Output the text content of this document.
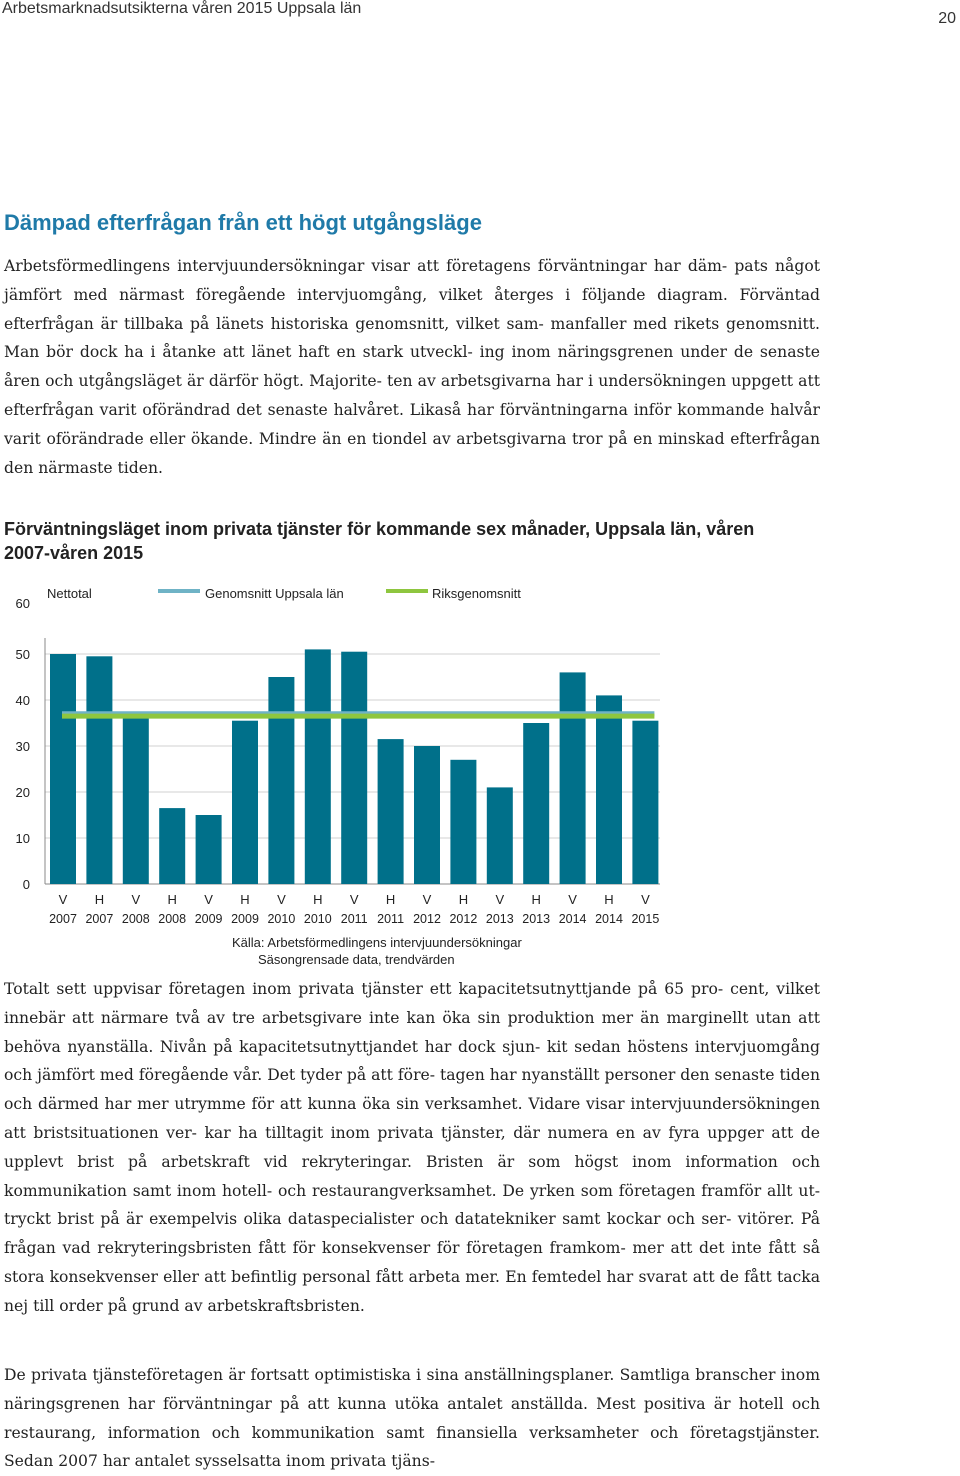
Arbetsmarknadsutsikterna våren 2015 Uppsala län
20
Dämpad efterfrågan från ett högt utgångsläge

Arbetsförmedlingens intervjuundersökningar visar att företagens förväntningar har däm- pats något jämfört med närmast föregående intervjuomgång, vilket återges i följande diagram. Förväntad efterfrågan är tillbaka på länets historiska genomsnitt, vilket sam- manfaller med rikets genomsnitt. Man bör dock ha i åtanke att länet haft en stark utveckl- ing inom näringsgrenen under de senaste åren och utgångsläget är därför högt. Majorite- ten av arbetsgivarna har i undersökningen uppgett att efterfrågan varit oförändrad det senaste halvåret. Likaså har förväntningarna inför kommande halvår varit oförändrade eller ökande. Mindre än en tiondel av arbetsgivarna tror på en minskad efterfrågan den närmaste tiden.

Förväntningsläget inom privata tjänster för kommande sex månader, Uppsala län, våren 2007-våren 2015
0
10
20
30
40
50
60
V
2007
H
2007
V
2008
H
2008
V
2009
H
2009
V
2010
H
2010
V
2011
H
2011
V
2012
H
2012
V
2013
H
2013
V
2014
H
2014
V
2015
Nettotal	Genomsnitt Uppsala län	Riksgenomsnitt
Källa: Arbetsförmedlingens intervjuundersökningar
Säsongrensade data, trendvärden

Totalt sett uppvisar företagen inom privata tjänster ett kapacitetsutnyttjande på 65 pro- cent, vilket innebär att närmare två av tre arbetsgivare inte kan öka sin produktion mer än marginellt utan att behöva nyanställa. Nivån på kapacitetsutnyttjandet har dock sjun- kit sedan höstens intervjuomgång och jämfört med föregående vår. Det tyder på att före- tagen har nyanställt personer den senaste tiden och därmed har mer utrymme för att kunna öka sin verksamhet. Vidare visar intervjuundersökningen att bristsituationen ver- kar ha tilltagit inom privata tjänster, där numera en av fyra uppger att de upplevt brist på arbetskraft vid rekryteringar. Bristen är som högst inom information och kommunikation samt inom hotell- och restaurangverksamhet. De yrken som företagen framför allt ut- tryckt brist på är exempelvis olika dataspecialister och datatekniker samt kockar och ser- vitörer. På frågan vad rekryteringsbristen fått för konsekvenser för företagen framkom- mer att det inte fått så stora konsekvenser eller att befintlig personal fått arbeta mer. En femtedel har svarat att de fått tacka nej till order på grund av arbetskraftsbristen.

De privata tjänsteföretagen är fortsatt optimistiska i sina anställningsplaner. Samtliga branscher inom näringsgrenen har förväntningar på att kunna utöka antalet anställda. Mest positiva är hotell och restaurang, information och kommunikation samt finansiella verksamheter och företagstjänster. Sedan 2007 har antalet sysselsatta inom privata tjäns-
